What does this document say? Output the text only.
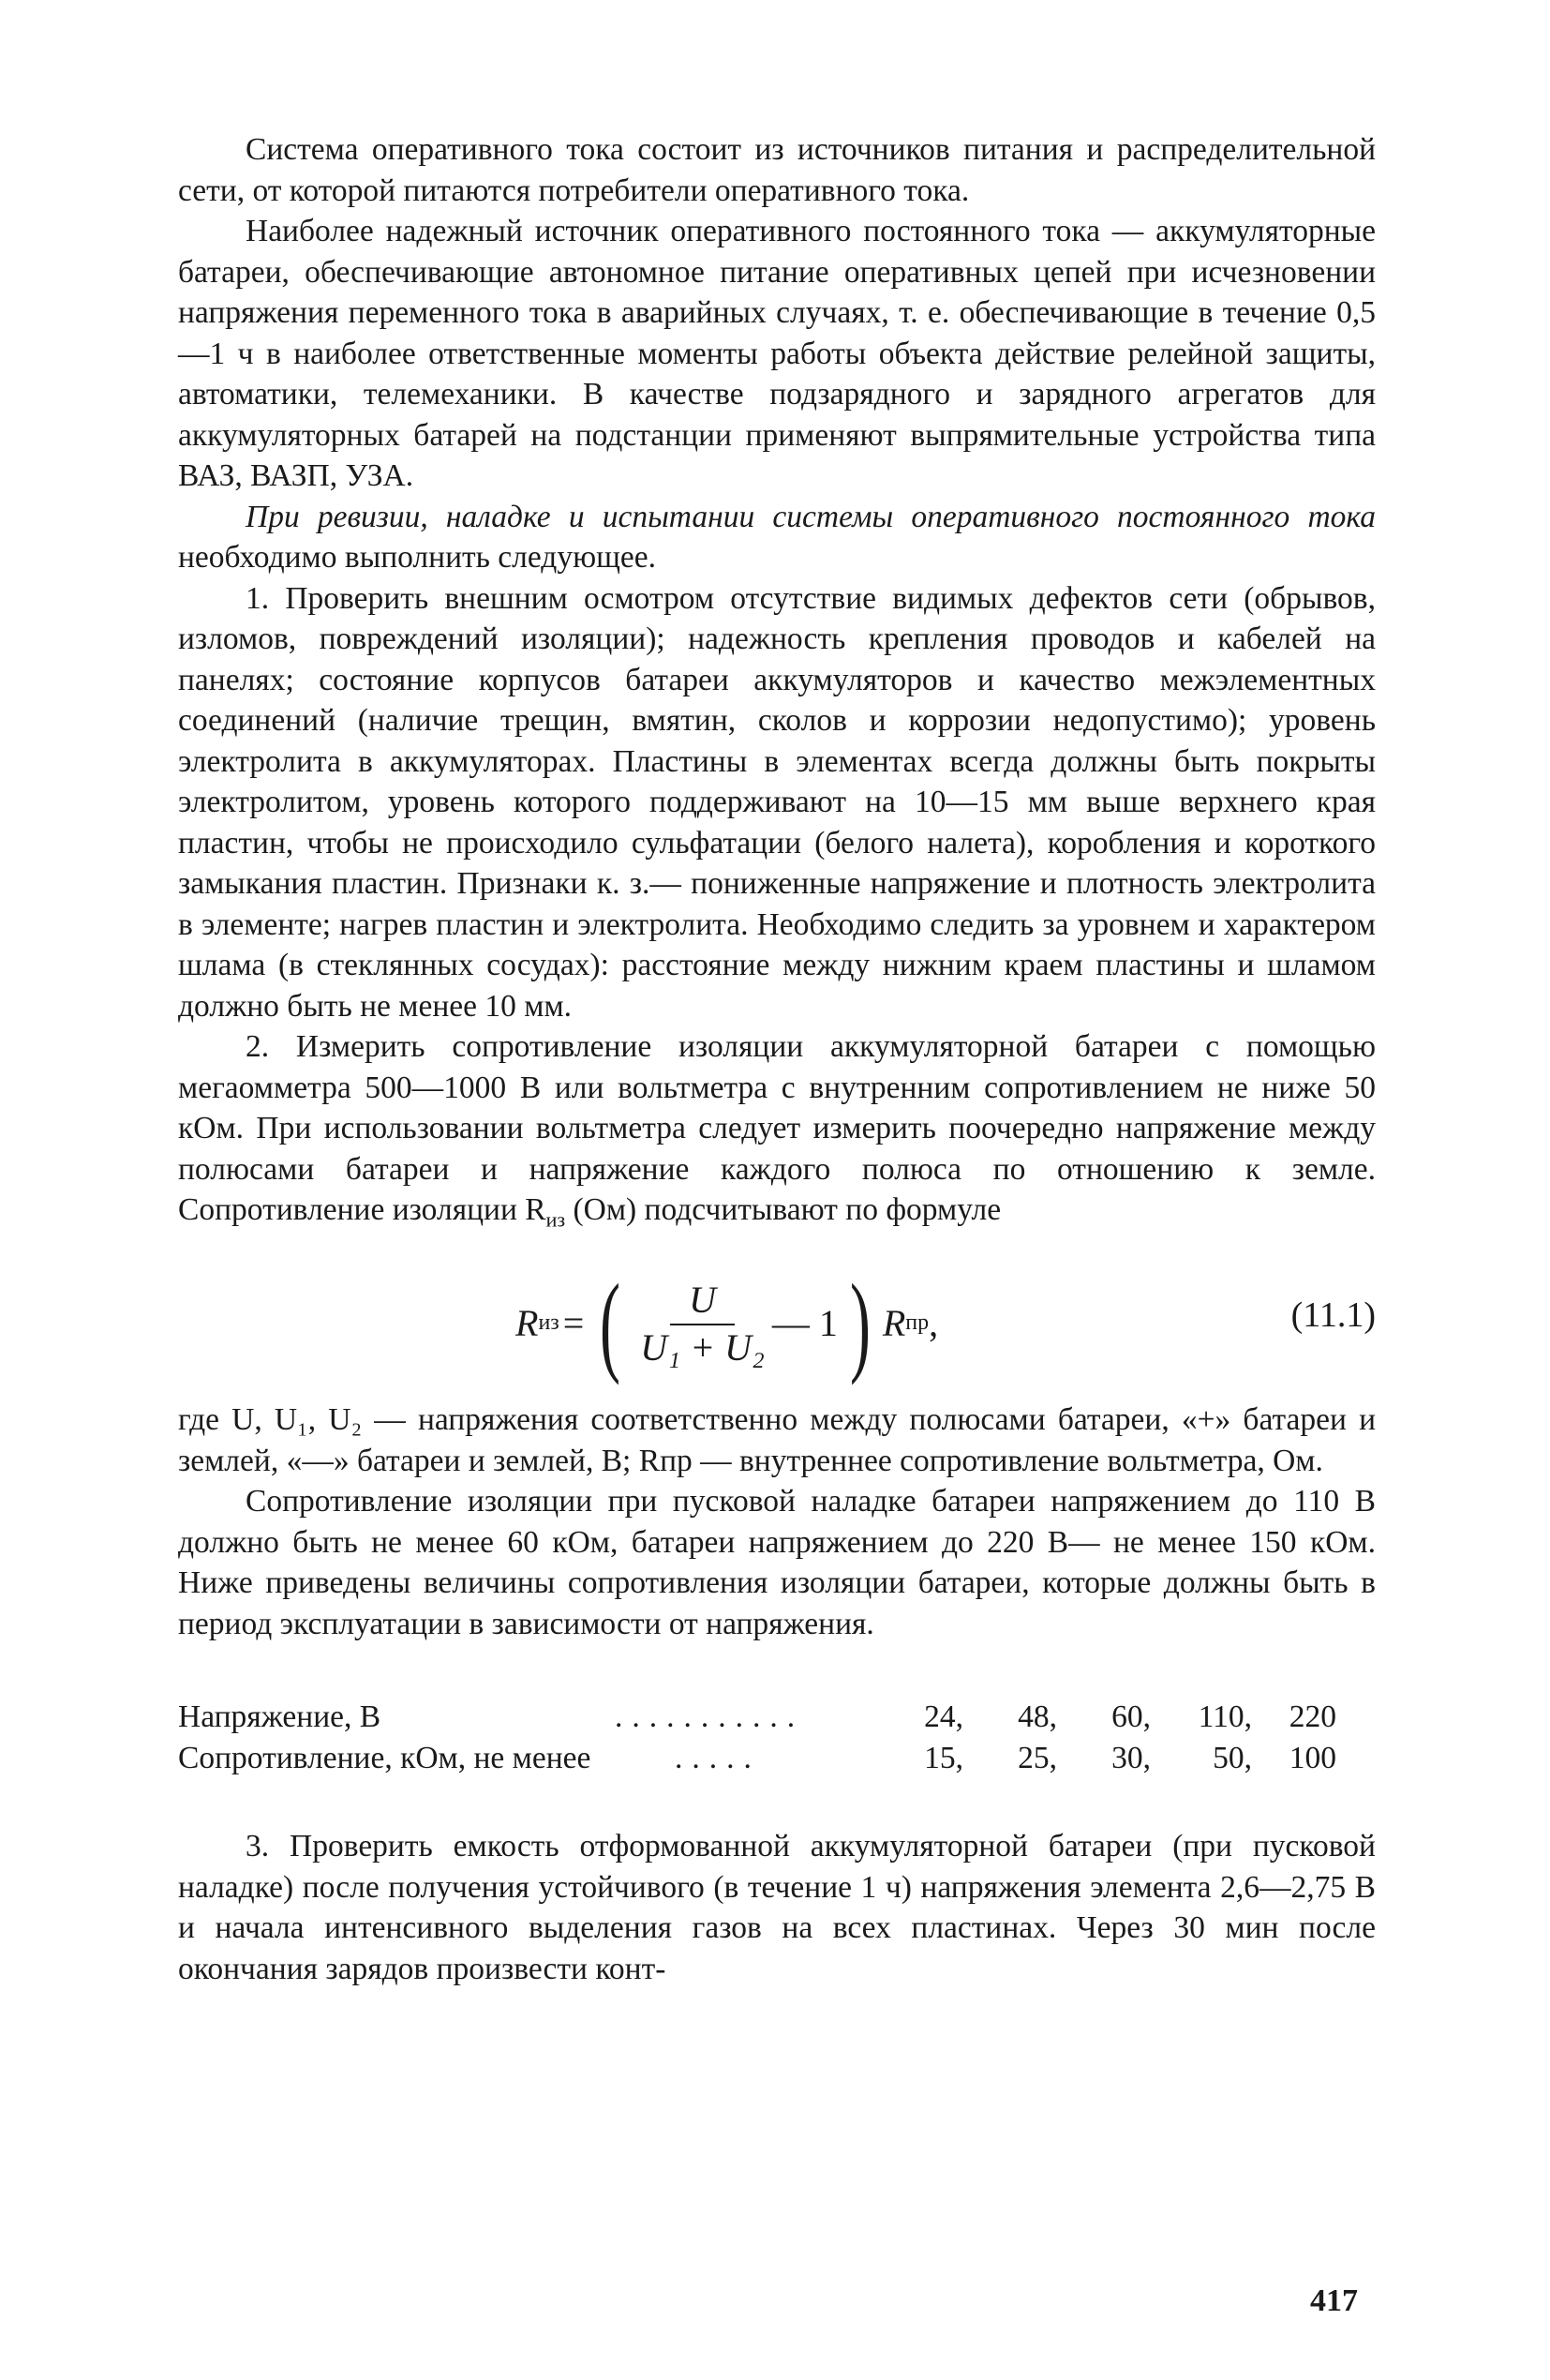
Система оперативного тока состоит из источников питания и распределительной сети, от которой питаются потребители оперативного тока.

Наиболее надежный источник оперативного постоянного тока — аккумуляторные батареи, обеспечивающие автономное питание оперативных цепей при исчезновении напряжения переменного тока в аварийных случаях, т. е. обеспечивающие в течение 0,5—1 ч в наиболее ответственные моменты работы объекта действие релейной защиты, автоматики, телемеханики. В качестве подзарядного и зарядного агрегатов для аккумуляторных батарей на подстанции применяют выпрямительные устройства типа ВАЗ, ВАЗП, УЗА.

При ревизии, наладке и испытании системы оперативного постоянного тока необходимо выполнить следующее.

1. Проверить внешним осмотром отсутствие видимых дефектов сети (обрывов, изломов, повреждений изоляции); надежность крепления проводов и кабелей на панелях; состояние корпусов батареи аккумуляторов и качество межэлементных соединений (наличие трещин, вмятин, сколов и коррозии недопустимо); уровень электролита в аккумуляторах. Пластины в элементах всегда должны быть покрыты электролитом, уровень которого поддерживают на 10—15 мм выше верхнего края пластин, чтобы не происходило сульфатации (белого налета), коробления и короткого замыкания пластин. Признаки к. з.— пониженные напряжение и плотность электролита в элементе; нагрев пластин и электролита. Необходимо следить за уровнем и характером шлама (в стеклянных сосудах): расстояние между нижним краем пластины и шламом должно быть не менее 10 мм.

2. Измерить сопротивление изоляции аккумуляторной батареи с помощью мегаомметра 500—1000 В или вольтметра с внутренним сопротивлением не ниже 50 кОм. При использовании вольтметра следует измерить поочередно напряжение между полюсами батареи и напряжение каждого полюса по отношению к земле. Сопротивление изоляции $R_{из}$ (Ом) подсчитывают по формуле

R из = ( $\frac{U}{\text{U₁ + U₂}}$ — 1 ) R пр ,	(11.1)

где U, U₁, U₂ — напряжения соответственно между полюсами батареи, «+» батареи и землей, «—» батареи и землей, В; Rпр — внутреннее сопротивление вольтметра, Ом.

Сопротивление изоляции при пусковой наладке батареи напряжением до 110 В должно быть не менее 60 кОм, батареи напряжением до 220 В— не менее 150 кОм. Ниже приведены величины сопротивления изоляции батареи, которые должны быть в период эксплуатации в зависимости от напряжения.

Напряжение, В	...........	24,	48,	60,	110,	220
Сопротивление, кОм, не менее	.....	15,	25,	30,	50,	100

3. Проверить емкость отформованной аккумуляторной батареи (при пусковой наладке) после получения устойчивого (в течение 1 ч) напряжения элемента 2,6—2,75 В и начала интенсивного выделения газов на всех пластинах. Через 30 мин после окончания зарядов произвести конт-

417
